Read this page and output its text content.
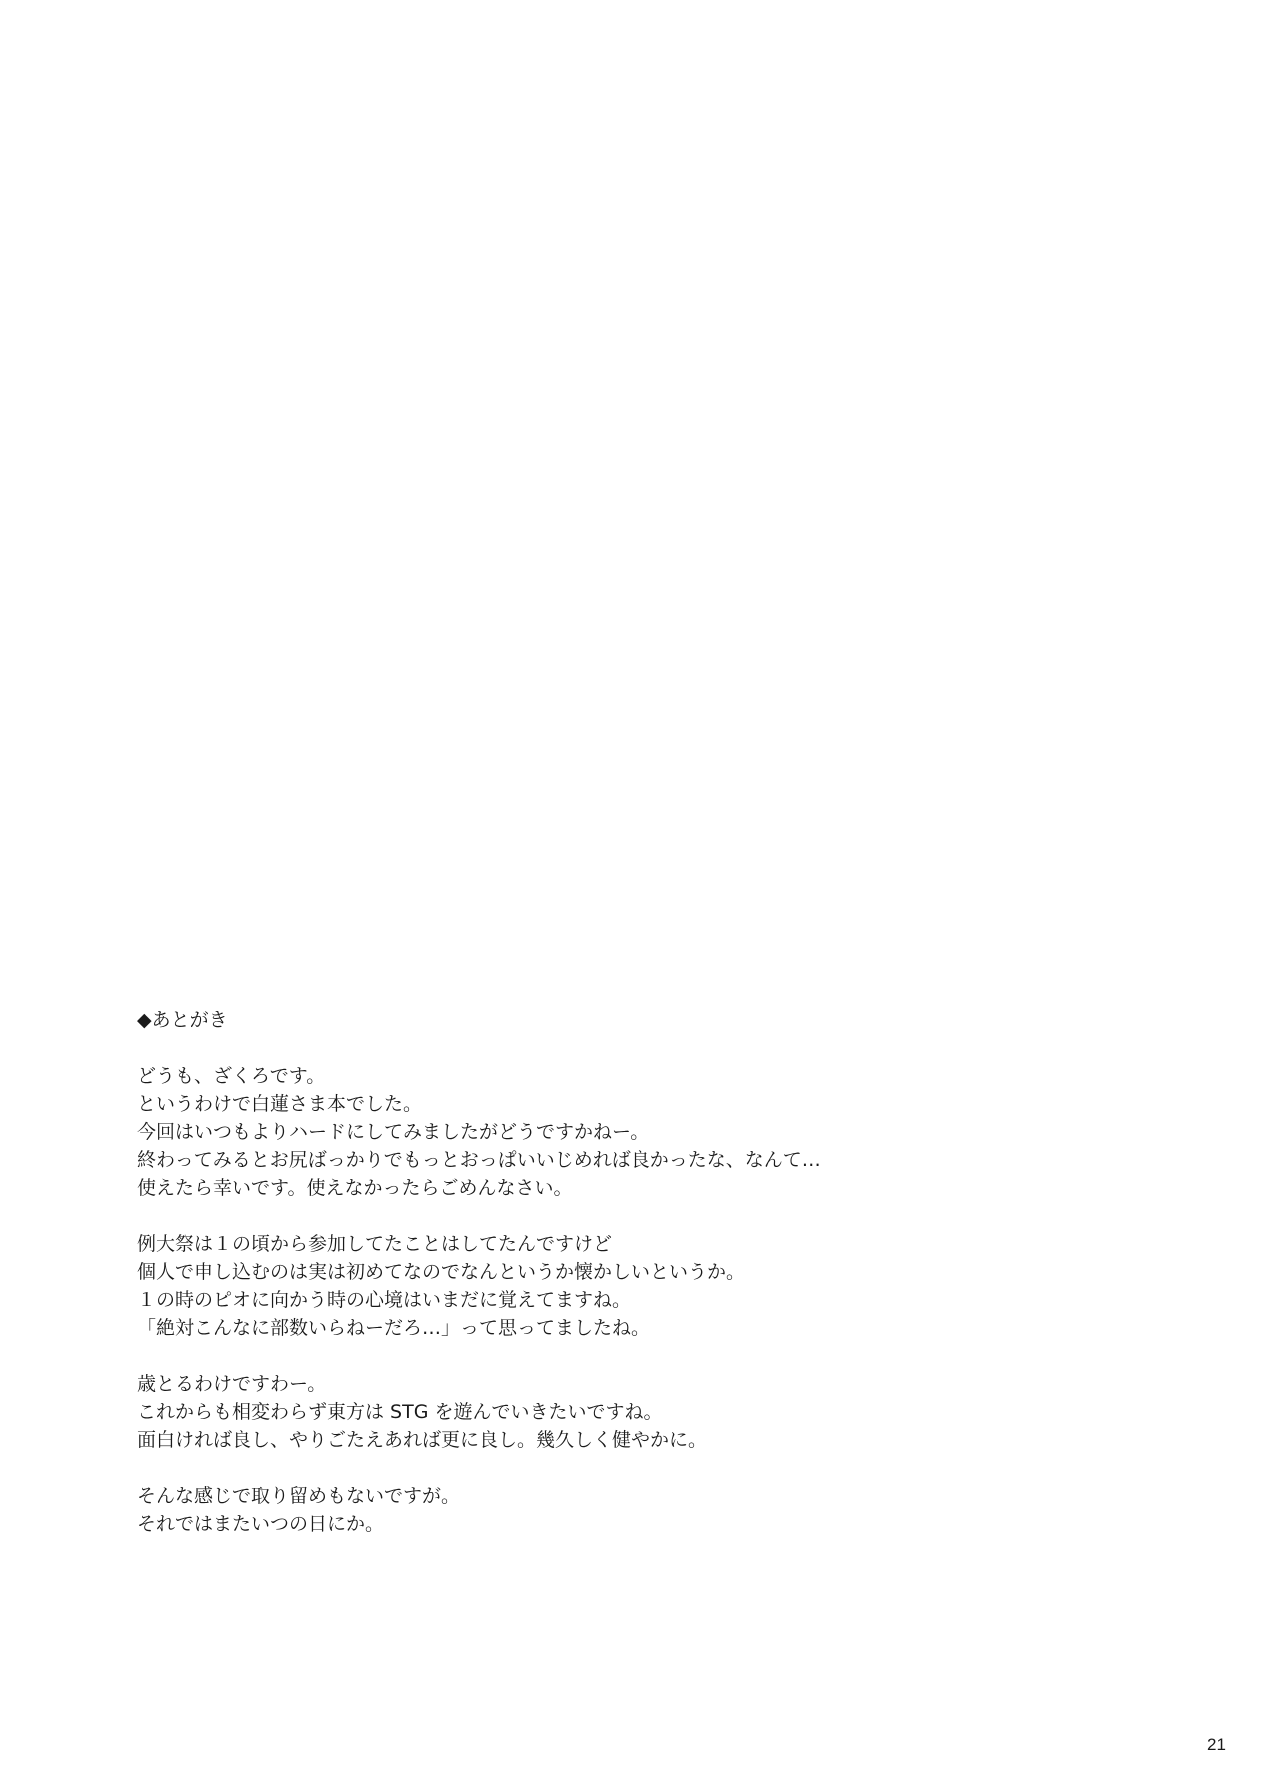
◆あとがき
どうも、ざくろです。
というわけで白蓮さま本でした。
今回はいつもよりハードにしてみましたがどうですかねー。
終わってみるとお尻ばっかりでもっとおっぱいいじめれば良かったな、なんて…
使えたら幸いです。使えなかったらごめんなさい。
例大祭は１の頃から参加してたことはしてたんですけど
個人で申し込むのは実は初めてなのでなんというか懐かしいというか。
１の時のピオに向かう時の心境はいまだに覚えてますね。
「絶対こんなに部数いらねーだろ…」って思ってましたね。
歳とるわけですわー。
これからも相変わらず東方は STG を遊んでいきたいですね。
面白ければ良し、やりごたえあれば更に良し。幾久しく健やかに。
そんな感じで取り留めもないですが。
それではまたいつの日にか。
21
